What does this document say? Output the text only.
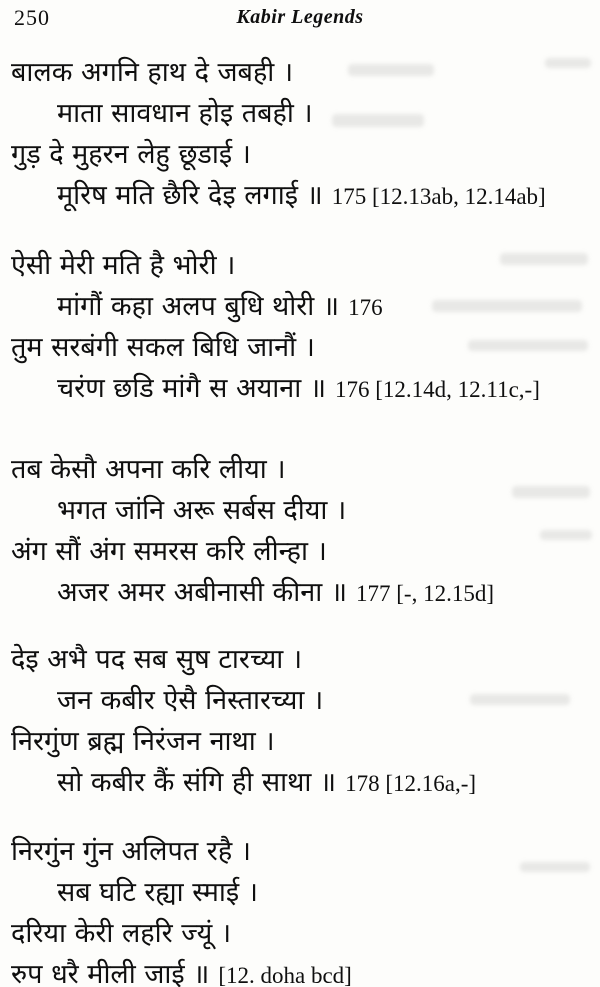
250	Kabir Legends

बालक अगनि हाथ दे जबही ।

माता सावधान होइ तबही ।

गुड़ दे मुहरन लेहु छूडाई ।

मूरिष मति छैरि देइ लगाई ॥ 175 [12.13ab, 12.14ab]

ऐसी मेरी मति है भोरी ।

मांगौं कहा अलप बुधि थोरी ॥ 176

तुम सरबंगी सकल बिधि जानौं ।

चरंण छडि मांगै स अयाना ॥ 176 [12.14d, 12.11c,-]

तब केसौ अपना करि लीया ।

भगत जांनि अरू सर्बस दीया ।

अंग सौं अंग समरस करि लीन्हा ।

अजर अमर अबीनासी कीना ॥ 177 [-, 12.15d]

देइ अभै पद सब सुष टारच्या ।

जन कबीर ऐसै निस्तारच्या ।

निरगुंण ब्रह्म निरंजन नाथा ।

सो कबीर कैं संगि ही साथा ॥ 178 [12.16a,-]

निरगुंन गुंन अलिपत रहै ।

सब घटि रह्या स्माई ।

दरिया केरी लहरि ज्यूं ।

रुप धरै मीली जाई ॥ [12. doha bcd]
